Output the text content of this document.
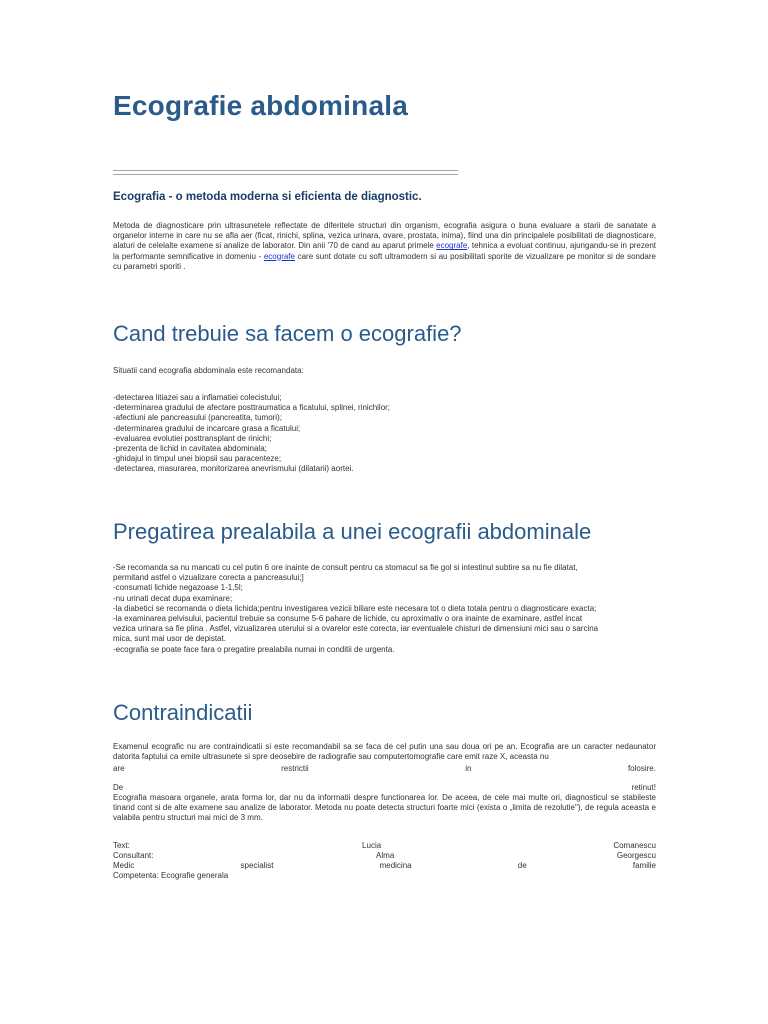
Ecografie abdominala
Ecografia - o metoda moderna si eficienta de diagnostic.
Metoda de diagnosticare prin ultrasunetele reflectate de diferitele structuri din organism, ecografia asigura o buna evaluare a starii de sanatate a organelor interne in care nu se afla aer (ficat, rinichi, splina, vezica urinara, ovare, prostata, inima), fiind una din principalele posibilitati de diagnosticare, alaturi de celelalte examene si analize de laborator. Din anii '70 de cand au aparut primele ecografe, tehnica a evoluat continuu, ajungandu-se in prezent la performante semnificative in domeniu - ecografe care sunt dotate cu soft ultramodern si au posibilitati sporite de vizualizare pe monitor si de sondare cu parametri sporiti .
Cand trebuie sa facem o ecografie?
Situatii cand ecografia abdominala este recomandata:
-detectarea litiazei sau a inflamatiei colecistului;
-determinarea gradului de afectare posttraumatica a ficatului, splinei, rinichilor;
-afectiuni ale pancreasului (pancreatita, tumori);
-determinarea gradului de incarcare grasa a ficatului;
-evaluarea evolutiei posttransplant de rinichi;
-prezenta de lichid in cavitatea abdominala;
-ghidajul in timpul unei biopsii sau paracenteze;
-detectarea, masurarea, monitorizarea anevrismului (dilatarii) aortei.
Pregatirea prealabila a unei ecografii abdominale
-Se recomanda sa nu mancati cu cel putin 6 ore inainte de consult pentru ca stomacul sa fie gol si intestinul subtire sa nu fie dilatat,
permitand astfel o vizualizare corecta a pancreasului;]
-consumati lichide negazoase 1-1,5l;
-nu urinati decat dupa examinare;
-la diabetici se recomanda o dieta lichida;pentru investigarea vezicii biliare este necesara tot o dieta totala pentru o diagnosticare exacta;
-la examinarea pelvisului, pacientul trebuie sa consume 5-6 pahare de lichide, cu aproximativ o ora inainte de examinare, astfel incat
vezica urinara sa fie plina . Astfel, vizualizarea uterului si a ovarelor este corecta, iar eventualele chisturi de dimensiuni mici sau o sarcina
mica, sunt mai usor de depistat.
-ecografia se poate face fara o pregatire prealabila numai in conditii de urgenta.
Contraindicatii
Examenul ecografic nu are contraindicatii si este recomandabil sa se faca de cel putin una sau doua ori pe an. Ecografia are un caracter nedaunator datorita faptului ca emite ultrasunete si spre deosebire de radiografie sau computertomografie care emit raze X, aceasta nu
are	restrictii	in	folosire.
De	retinut!
Ecografia masoara organele, arata forma lor, dar nu da informatii despre functionarea lor. De aceea, de cele mai multe ori, diagnosticul se stabileste tinand cont si de alte examene sau analize de laborator. Metoda nu poate detecta structuri foarte mici (exista o „limita de rezolutie"), de regula aceasta e valabila pentru structuri mai mici de 3 mm.
Text:	Lucia	Comanescu
Consultant:	Alma	Georgescu
Medic	specialist	medicina	de	familie
Competenta: Ecografie generala
